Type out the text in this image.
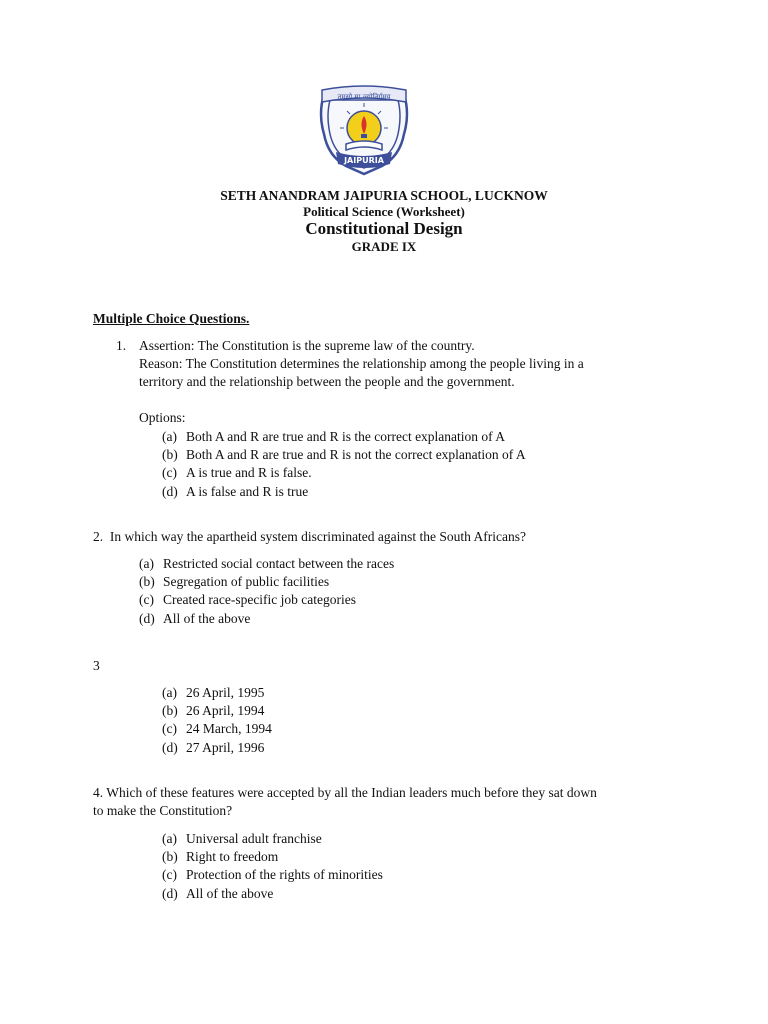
तमसो मा ज्योतिर्गमय
JAIPURIA
SETH ANANDRAM JAIPURIA SCHOOL, LUCKNOW
Political Science (Worksheet)
Constitutional Design
GRADE IX
Multiple Choice Questions.
1. Assertion: The Constitution is the supreme law of the country.
Reason: The Constitution determines the relationship among the people living in a
territory and the relationship between the people and the government.
Options:
(a) Both A and R are true and R is the correct explanation of A
(b) Both A and R are true and R is not the correct explanation of A
(c) A is true and R is false.
(d) A is false and R is true
2.  In which way the apartheid system discriminated against the South Africans?
(a) Restricted social contact between the races
(b) Segregation of public facilities
(c) Created race-specific job categories
(d) All of the above
3
(a) 26 April, 1995
(b) 26 April, 1994
(c) 24 March, 1994
(d) 27 April, 1996
4. Which of these features were accepted by all the Indian leaders much before they sat down
to make the Constitution?
(a) Universal adult franchise
(b) Right to freedom
(c) Protection of the rights of minorities
(d) All of the above
